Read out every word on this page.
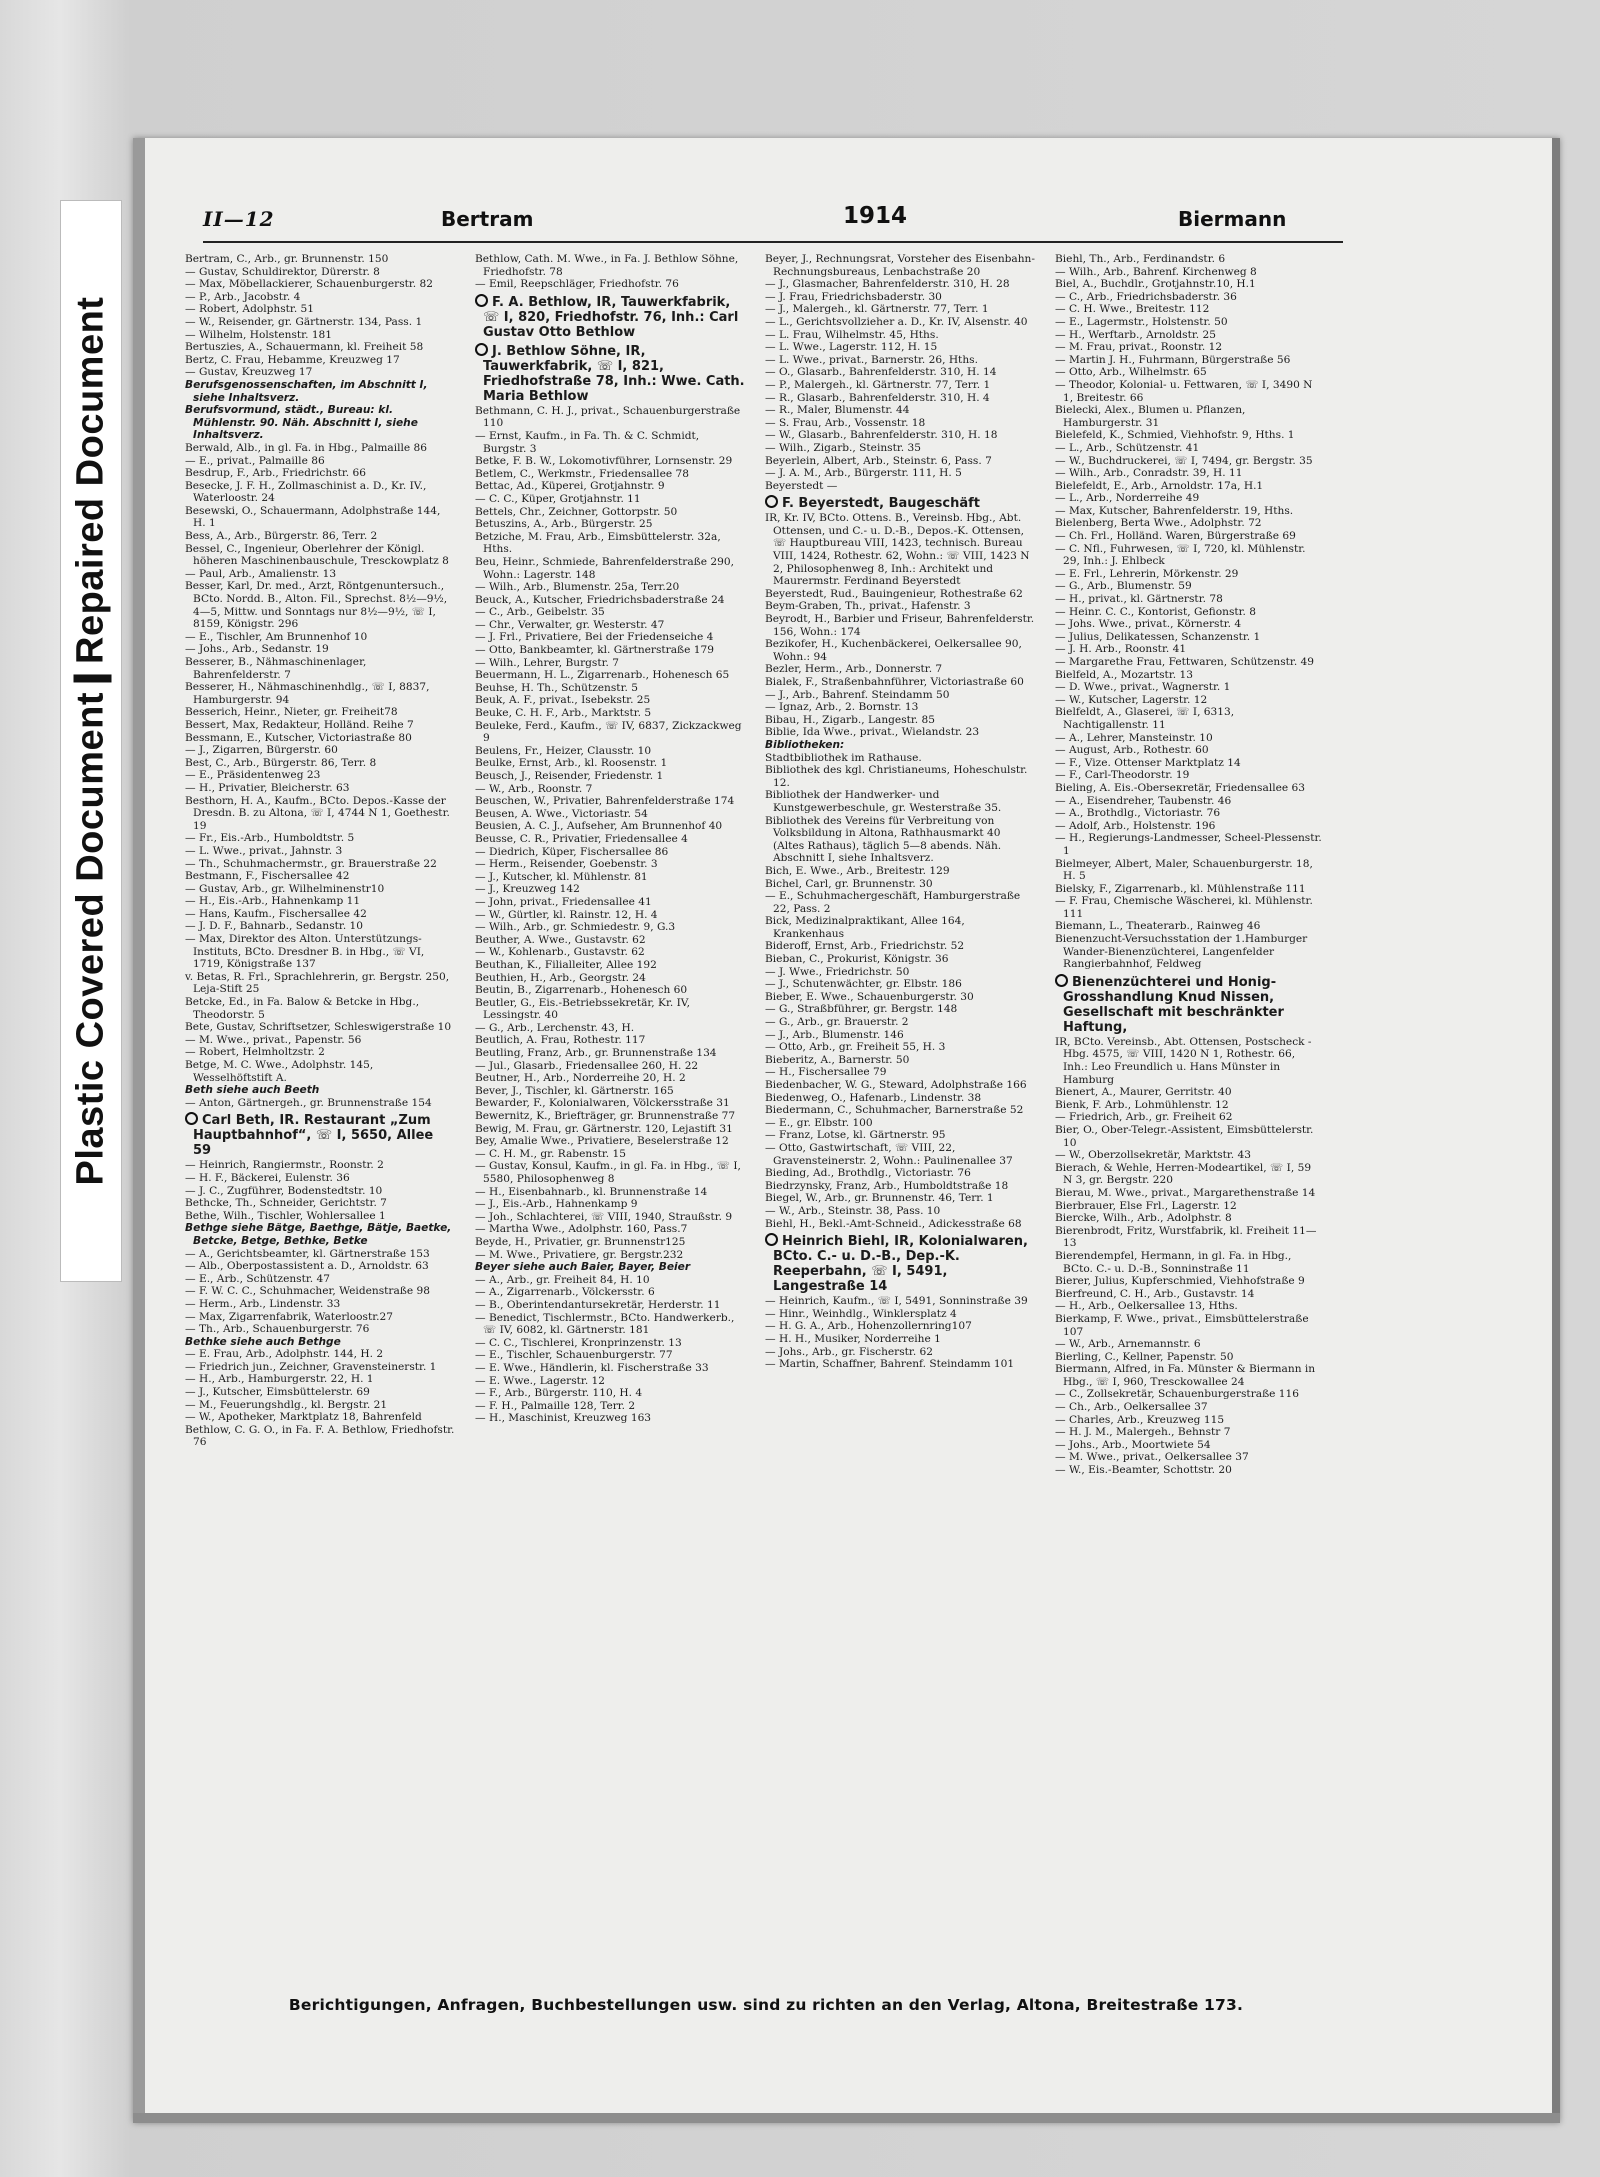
Plastic Covered DocumentRepaired Document
II—12	Bertram	1914	Biermann

Bertram, C., Arb., gr. Brunnenstr. 150

— Gustav, Schuldirektor, Dürerstr. 8

— Max, Möbellackierer, Schauenburgerstr. 82

— P., Arb., Jacobstr. 4

— Robert, Adolphstr. 51

— W., Reisender, gr. Gärtnerstr. 134, Pass. 1

— Wilhelm, Holstenstr. 181

Bertuszies, A., Schauermann, kl. Freiheit 58

Bertz, C. Frau, Hebamme, Kreuzweg 17

— Gustav, Kreuzweg 17

Berufsgenossenschaften, im Abschnitt I, siehe Inhaltsverz.

Berufsvormund, städt., Bureau: kl. Mühlenstr. 90. Näh. Abschnitt I, siehe Inhaltsverz.

Berwald, Alb., in gl. Fa. in Hbg., Palmaille 86

— E., privat., Palmaille 86

Besdrup, F., Arb., Friedrichstr. 66

Besecke, J. F. H., Zollmaschinist a. D., Kr. IV., Waterloostr. 24

Besewski, O., Schauermann, Adolphstraße 144, H. 1

Bess, A., Arb., Bürgerstr. 86, Terr. 2

Bessel, C., Ingenieur, Oberlehrer der Königl. höheren Maschinenbauschule, Tresckowplatz 8

— Paul, Arb., Amalienstr. 13

Besser, Karl, Dr. med., Arzt, Röntgenuntersuch., BCto. Nordd. B., Alton. Fil., Sprechst. 8½—9½, 4—5, Mittw. und Sonntags nur 8½—9½, ☏ I, 8159, Königstr. 296

— E., Tischler, Am Brunnenhof 10

— Johs., Arb., Sedanstr. 19

Besserer, B., Nähmaschinenlager, Bahrenfelderstr. 7

Besserer, H., Nähmaschinenhdlg., ☏ I, 8837, Hamburgerstr. 94

Besserich, Heinr., Nieter, gr. Freiheit78

Bessert, Max, Redakteur, Holländ. Reihe 7

Bessmann, E., Kutscher, Victoriastraße 80

— J., Zigarren, Bürgerstr. 60

Best, C., Arb., Bürgerstr. 86, Terr. 8

— E., Präsidentenweg 23

— H., Privatier, Bleicherstr. 63

Besthorn, H. A., Kaufm., BCto. Depos.-Kasse der Dresdn. B. zu Altona, ☏ I, 4744 N 1, Goethestr. 19

— Fr., Eis.-Arb., Humboldtstr. 5

— L. Wwe., privat., Jahnstr. 3

— Th., Schuhmachermstr., gr. Brauerstraße 22

Bestmann, F., Fischersallee 42

— Gustav, Arb., gr. Wilhelminenstr10

— H., Eis.-Arb., Hahnenkamp 11

— Hans, Kaufm., Fischersallee 42

— J. D. F., Bahnarb., Sedanstr. 10

— Max, Direktor des Alton. Unterstützungs-Instituts, BCto. Dresdner B. in Hbg., ☏ VI, 1719, Königstraße 137

v. Betas, R. Frl., Sprachlehrerin, gr. Bergstr. 250, Leja-Stift 25

Betcke, Ed., in Fa. Balow & Betcke in Hbg., Theodorstr. 5

Bete, Gustav, Schriftsetzer, Schleswigerstraße 10

— M. Wwe., privat., Papenstr. 56

— Robert, Helmholtzstr. 2

Betge, M. C. Wwe., Adolphstr. 145, Wesselhöftstift A.

Beth siehe auch Beeth

— Anton, Gärtnergeh., gr. Brunnenstraße 154

Carl Beth, IR. Restaurant „Zum Hauptbahnhof“, ☏ I, 5650, Allee 59

— Heinrich, Rangiermstr., Roonstr. 2

— H. F., Bäckerei, Eulenstr. 36

— J. C., Zugführer, Bodenstedtstr. 10

Bethcke, Th., Schneider, Gerichtstr. 7

Bethe, Wilh., Tischler, Wohlersallee 1

Bethge siehe Bätge, Baethge, Bätje, Baetke, Betcke, Betge, Bethke, Betke

— A., Gerichtsbeamter, kl. Gärtnerstraße 153

— Alb., Oberpostassistent a. D., Arnoldstr. 63

— E., Arb., Schützenstr. 47

— F. W. C. C., Schuhmacher, Weidenstraße 98

— Herm., Arb., Lindenstr. 33

— Max, Zigarrenfabrik, Waterloostr.27

— Th., Arb., Schauenburgerstr. 76

Bethke siehe auch Bethge

— E. Frau, Arb., Adolphstr. 144, H. 2

— Friedrich jun., Zeichner, Gravensteinerstr. 1

— H., Arb., Hamburgerstr. 22, H. 1

— J., Kutscher, Eimsbüttelerstr. 69

— M., Feuerungshdlg., kl. Bergstr. 21

— W., Apotheker, Marktplatz 18, Bahrenfeld

Bethlow, C. G. O., in Fa. F. A. Bethlow, Friedhofstr. 76

Bethlow, Cath. M. Wwe., in Fa. J. Bethlow Söhne, Friedhofstr. 78

— Emil, Reepschläger, Friedhofstr. 76

F. A. Bethlow, IR, Tauwerkfabrik, ☏ I, 820, Friedhofstr. 76, Inh.: Carl Gustav Otto Bethlow

J. Bethlow Söhne, IR, Tauwerkfabrik, ☏ I, 821, Friedhofstraße 78, Inh.: Wwe. Cath. Maria Bethlow

Bethmann, C. H. J., privat., Schauenburgerstraße 110

— Ernst, Kaufm., in Fa. Th. & C. Schmidt, Burgstr. 3

Betke, F. B. W., Lokomotivführer, Lornsenstr. 29

Betlem, C., Werkmstr., Friedensallee 78

Bettac, Ad., Küperei, Grotjahnstr. 9

— C. C., Küper, Grotjahnstr. 11

Bettels, Chr., Zeichner, Gottorpstr. 50

Betuszins, A., Arb., Bürgerstr. 25

Betziche, M. Frau, Arb., Eimsbüttelerstr. 32a, Hths.

Beu, Heinr., Schmiede, Bahrenfelderstraße 290, Wohn.: Lagerstr. 148

— Wilh., Arb., Blumenstr. 25a, Terr.20

Beuck, A., Kutscher, Friedrichsbaderstraße 24

— C., Arb., Geibelstr. 35

— Chr., Verwalter, gr. Westerstr. 47

— J. Frl., Privatiere, Bei der Friedenseiche 4

— Otto, Bankbeamter, kl. Gärtnerstraße 179

— Wilh., Lehrer, Burgstr. 7

Beuermann, H. L., Zigarrenarb., Hohenesch 65

Beuhse, H. Th., Schützenstr. 5

Beuk, A. F., privat., Isebekstr. 25

Beuke, C. H. F., Arb., Marktstr. 5

Beuleke, Ferd., Kaufm., ☏ IV, 6837, Zickzackweg 9

Beulens, Fr., Heizer, Clausstr. 10

Beulke, Ernst, Arb., kl. Roosenstr. 1

Beusch, J., Reisender, Friedenstr. 1

— W., Arb., Roonstr. 7

Beuschen, W., Privatier, Bahrenfelderstraße 174

Beusen, A. Wwe., Victoriastr. 54

Beusien, A. C. J., Aufseher, Am Brunnenhof 40

Beusse, C. R., Privatier, Friedensallee 4

— Diedrich, Küper, Fischersallee 86

— Herm., Reisender, Goebenstr. 3

— J., Kutscher, kl. Mühlenstr. 81

— J., Kreuzweg 142

— John, privat., Friedensallee 41

— W., Gürtler, kl. Rainstr. 12, H. 4

— Wilh., Arb., gr. Schmiedestr. 9, G.3

Beuther, A. Wwe., Gustavstr. 62

— W., Kohlenarb., Gustavstr. 62

Beuthan, K., Filialleiter, Allee 192

Beuthien, H., Arb., Georgstr. 24

Beutin, B., Zigarrenarb., Hohenesch 60

Beutler, G., Eis.-Betriebssekretär, Kr. IV, Lessingstr. 40

— G., Arb., Lerchenstr. 43, H.

Beutlich, A. Frau, Rothestr. 117

Beutling, Franz, Arb., gr. Brunnenstraße 134

— Jul., Glasarb., Friedensallee 260, H. 22

Beutner, H., Arb., Norderreihe 20, H. 2

Bever, J., Tischler, kl. Gärtnerstr. 165

Bewarder, F., Kolonialwaren, Völckersstraße 31

Bewernitz, K., Briefträger, gr. Brunnenstraße 77

Bewig, M. Frau, gr. Gärtnerstr. 120, Lejastift 31

Bey, Amalie Wwe., Privatiere, Beselerstraße 12

— C. H. M., gr. Rabenstr. 15

— Gustav, Konsul, Kaufm., in gl. Fa. in Hbg., ☏ I, 5580, Philosophenweg 8

— H., Eisenbahnarb., kl. Brunnenstraße 14

— J., Eis.-Arb., Hahnenkamp 9

— Joh., Schlachterei, ☏ VIII, 1940, Straußstr. 9

— Martha Wwe., Adolphstr. 160, Pass.7

Beyde, H., Privatier, gr. Brunnenstr125

— M. Wwe., Privatiere, gr. Bergstr.232

Beyer siehe auch Baier, Bayer, Beier

— A., Arb., gr. Freiheit 84, H. 10

— A., Zigarrenarb., Völckersstr. 6

— B., Oberintendantursekretär, Herderstr. 11

— Benedict, Tischlermstr., BCto. Handwerkerb., ☏ IV, 6082, kl. Gärtnerstr. 181

— C. C., Tischlerei, Kronprinzenstr. 13

— E., Tischler, Schauenburgerstr. 77

— E. Wwe., Händlerin, kl. Fischerstraße 33

— E. Wwe., Lagerstr. 12

— F., Arb., Bürgerstr. 110, H. 4

— F. H., Palmaille 128, Terr. 2

— H., Maschinist, Kreuzweg 163

Beyer, J., Rechnungsrat, Vorsteher des Eisenbahn-Rechnungsbureaus, Lenbachstraße 20

— J., Glasmacher, Bahrenfelderstr. 310, H. 28

— J. Frau, Friedrichsbaderstr. 30

— J., Malergeh., kl. Gärtnerstr. 77, Terr. 1

— L., Gerichtsvollzieher a. D., Kr. IV, Alsenstr. 40

— L. Frau, Wilhelmstr. 45, Hths.

— L. Wwe., Lagerstr. 112, H. 15

— L. Wwe., privat., Barnerstr. 26, Hths.

— O., Glasarb., Bahrenfelderstr. 310, H. 14

— P., Malergeh., kl. Gärtnerstr. 77, Terr. 1

— R., Glasarb., Bahrenfelderstr. 310, H. 4

— R., Maler, Blumenstr. 44

— S. Frau, Arb., Vossenstr. 18

— W., Glasarb., Bahrenfelderstr. 310, H. 18

— Wilh., Zigarb., Steinstr. 35

Beyerlein, Albert, Arb., Steinstr. 6, Pass. 7

— J. A. M., Arb., Bürgerstr. 111, H. 5

Beyerstedt —

F. Beyerstedt, Baugeschäft

IR, Kr. IV, BCto. Ottens. B., Vereinsb. Hbg., Abt. Ottensen, und C.- u. D.-B., Depos.-K. Ottensen, ☏ Hauptbureau VIII, 1423, technisch. Bureau VIII, 1424, Rothestr. 62, Wohn.: ☏ VIII, 1423 N 2, Philosophenweg 8, Inh.: Architekt und Maurermstr. Ferdinand Beyerstedt

Beyerstedt, Rud., Bauingenieur, Rothestraße 62

Beym-Graben, Th., privat., Hafenstr. 3

Beyrodt, H., Barbier und Friseur, Bahrenfelderstr. 156, Wohn.: 174

Bezikofer, H., Kuchenbäckerei, Oelkersallee 90, Wohn.: 94

Bezler, Herm., Arb., Donnerstr. 7

Bialek, F., Straßenbahnführer, Victoriastraße 60

— J., Arb., Bahrenf. Steindamm 50

— Ignaz, Arb., 2. Bornstr. 13

Bibau, H., Zigarb., Langestr. 85

Biblie, Ida Wwe., privat., Wielandstr. 23

Bibliotheken:

Stadtbibliothek im Rathause.

Bibliothek des kgl. Christianeums, Hoheschulstr. 12.

Bibliothek der Handwerker- und Kunstgewerbeschule, gr. Westerstraße 35.

Bibliothek des Vereins für Verbreitung von Volksbildung in Altona, Rathhausmarkt 40 (Altes Rathaus), täglich 5—8 abends. Näh. Abschnitt I, siehe Inhaltsverz.

Bich, E. Wwe., Arb., Breitestr. 129

Bichel, Carl, gr. Brunnenstr. 30

— E., Schuhmachergeschäft, Hamburgerstraße 22, Pass. 2

Bick, Medizinalpraktikant, Allee 164, Krankenhaus

Bideroff, Ernst, Arb., Friedrichstr. 52

Bieban, C., Prokurist, Königstr. 36

— J. Wwe., Friedrichstr. 50

— J., Schutenwächter, gr. Elbstr. 186

Bieber, E. Wwe., Schauenburgerstr. 30

— G., Straßbführer, gr. Bergstr. 148

— G., Arb., gr. Brauerstr. 2

— J., Arb., Blumenstr. 146

— Otto, Arb., gr. Freiheit 55, H. 3

Bieberitz, A., Barnerstr. 50

— H., Fischersallee 79

Biedenbacher, W. G., Steward, Adolphstraße 166

Biedenweg, O., Hafenarb., Lindenstr. 38

Biedermann, C., Schuhmacher, Barnerstraße 52

— E., gr. Elbstr. 100

— Franz, Lotse, kl. Gärtnerstr. 95

— Otto, Gastwirtschaft, ☏ VIII, 22, Gravensteinerstr. 2, Wohn.: Paulinenallee 37

Bieding, Ad., Brothdlg., Victoriastr. 76

Biedrzynsky, Franz, Arb., Humboldtstraße 18

Biegel, W., Arb., gr. Brunnenstr. 46, Terr. 1

— W., Arb., Steinstr. 38, Pass. 10

Biehl, H., Bekl.-Amt-Schneid., Adickesstraße 68

Heinrich Biehl, IR, Kolonialwaren, BCto. C.- u. D.-B., Dep.-K. Reeperbahn, ☏ I, 5491, Langestraße 14

— Heinrich, Kaufm., ☏ I, 5491, Sonninstraße 39

— Hinr., Weinhdlg., Winklersplatz 4

— H. G. A., Arb., Hohenzollernring107

— H. H., Musiker, Norderreihe 1

— Johs., Arb., gr. Fischerstr. 62

— Martin, Schaffner, Bahrenf. Steindamm 101

Biehl, Th., Arb., Ferdinandstr. 6

— Wilh., Arb., Bahrenf. Kirchenweg 8

Biel, A., Buchdlr., Grotjahnstr.10, H.1

— C., Arb., Friedrichsbaderstr. 36

— C. H. Wwe., Breitestr. 112

— E., Lagermstr., Holstenstr. 50

— H., Werftarb., Arnoldstr. 25

— M. Frau, privat., Roonstr. 12

— Martin J. H., Fuhrmann, Bürgerstraße 56

— Otto, Arb., Wilhelmstr. 65

— Theodor, Kolonial- u. Fettwaren, ☏ I, 3490 N 1, Breitestr. 66

Bielecki, Alex., Blumen u. Pflanzen, Hamburgerstr. 31

Bielefeld, K., Schmied, Viehhofstr. 9, Hths. 1

— L., Arb., Schützenstr. 41

— W., Buchdruckerei, ☏ I, 7494, gr. Bergstr. 35

— Wilh., Arb., Conradstr. 39, H. 11

Bielefeldt, E., Arb., Arnoldstr. 17a, H.1

— L., Arb., Norderreihe 49

— Max, Kutscher, Bahrenfelderstr. 19, Hths.

Bielenberg, Berta Wwe., Adolphstr. 72

— Ch. Frl., Holländ. Waren, Bürgerstraße 69

— C. Nfl., Fuhrwesen, ☏ I, 720, kl. Mühlenstr. 29, Inh.: J. Ehlbeck

— E. Frl., Lehrerin, Mörkenstr. 29

— G., Arb., Blumenstr. 59

— H., privat., kl. Gärtnerstr. 78

— Heinr. C. C., Kontorist, Gefionstr. 8

— Johs. Wwe., privat., Körnerstr. 4

— Julius, Delikatessen, Schanzenstr. 1

— J. H. Arb., Roonstr. 41

— Margarethe Frau, Fettwaren, Schützenstr. 49

Bielfeld, A., Mozartstr. 13

— D. Wwe., privat., Wagnerstr. 1

— W., Kutscher, Lagerstr. 12

Bielfeldt, A., Glaserei, ☏ I, 6313, Nachtigallenstr. 11

— A., Lehrer, Mansteinstr. 10

— August, Arb., Rothestr. 60

— F., Vize. Ottenser Marktplatz 14

— F., Carl-Theodorstr. 19

Bieling, A. Eis.-Oberseкretär, Friedensallee 63

— A., Eisendreher, Taubenstr. 46

— A., Brothdlg., Victoriastr. 76

— Adolf, Arb., Holstenstr. 196

— H., Regierungs-Landmesser, Scheel-Plessenstr. 1

Bielmeyer, Albert, Maler, Schauenburgerstr. 18, H. 5

Bielsky, F., Zigarrenarb., kl. Mühlenstraße 111

— F. Frau, Chemische Wäscherei, kl. Mühlenstr. 111

Biemann, L., Theaterarb., Rainweg 46

Bienenzucht-Versuchsstation der 1.Hamburger Wander-Bienenzüchterei, Langenfelder Rangierbahnhof, Feldweg

Bienenzüchterei und Honig-Grosshandlung Knud Nissen, Gesellschaft mit beschränkter Haftung,

IR, BCto. Vereinsb., Abt. Ottensen, Postscheck - Hbg. 4575, ☏ VIII, 1420 N 1, Rothestr. 66, Inh.: Leo Freundlich u. Hans Münster in Hamburg

Bienert, A., Maurer, Gerritstr. 40

Bienk, F. Arb., Lohmühlenstr. 12

— Friedrich, Arb., gr. Freiheit 62

Bier, O., Ober-Telegr.-Assistent, Eimsbüttelerstr. 10

— W., Oberzollsekretär, Marktstr. 43

Bierach, & Wehle, Herren-Modeartikel, ☏ I, 59 N 3, gr. Bergstr. 220

Bierau, M. Wwe., privat., Margarethenstraße 14

Bierbrauer, Else Frl., Lagerstr. 12

Biercke, Wilh., Arb., Adolphstr. 8

Bierenbrodt, Fritz, Wurstfabrik, kl. Freiheit 11—13

Bierendempfel, Hermann, in gl. Fa. in Hbg., BCto. C.- u. D.-B., Sonninstraße 11

Bierer, Julius, Kupferschmied, Viehhofstraße 9

Bierfreund, C. H., Arb., Gustavstr. 14

— H., Arb., Oelkersallee 13, Hths.

Bierkamp, F. Wwe., privat., Eimsbüttelerstraße 107

— W., Arb., Arnemannstr. 6

Bierling, C., Kellner, Papenstr. 50

Biermann, Alfred, in Fa. Münster & Biermann in Hbg., ☏ I, 960, Tresckowallee 24

— C., Zollsekretär, Schauenburgerstraße 116

— Ch., Arb., Oelkersallee 37

— Charles, Arb., Kreuzweg 115

— H. J. M., Malergeh., Behnstr 7

— Johs., Arb., Moortwiete 54

— M. Wwe., privat., Oelkersallee 37

— W., Eis.-Beamter, Schottstr. 20

Berichtigungen, Anfragen, Buchbestellungen usw. sind zu richten an den Verlag, Altona, Breitestraße 173.
